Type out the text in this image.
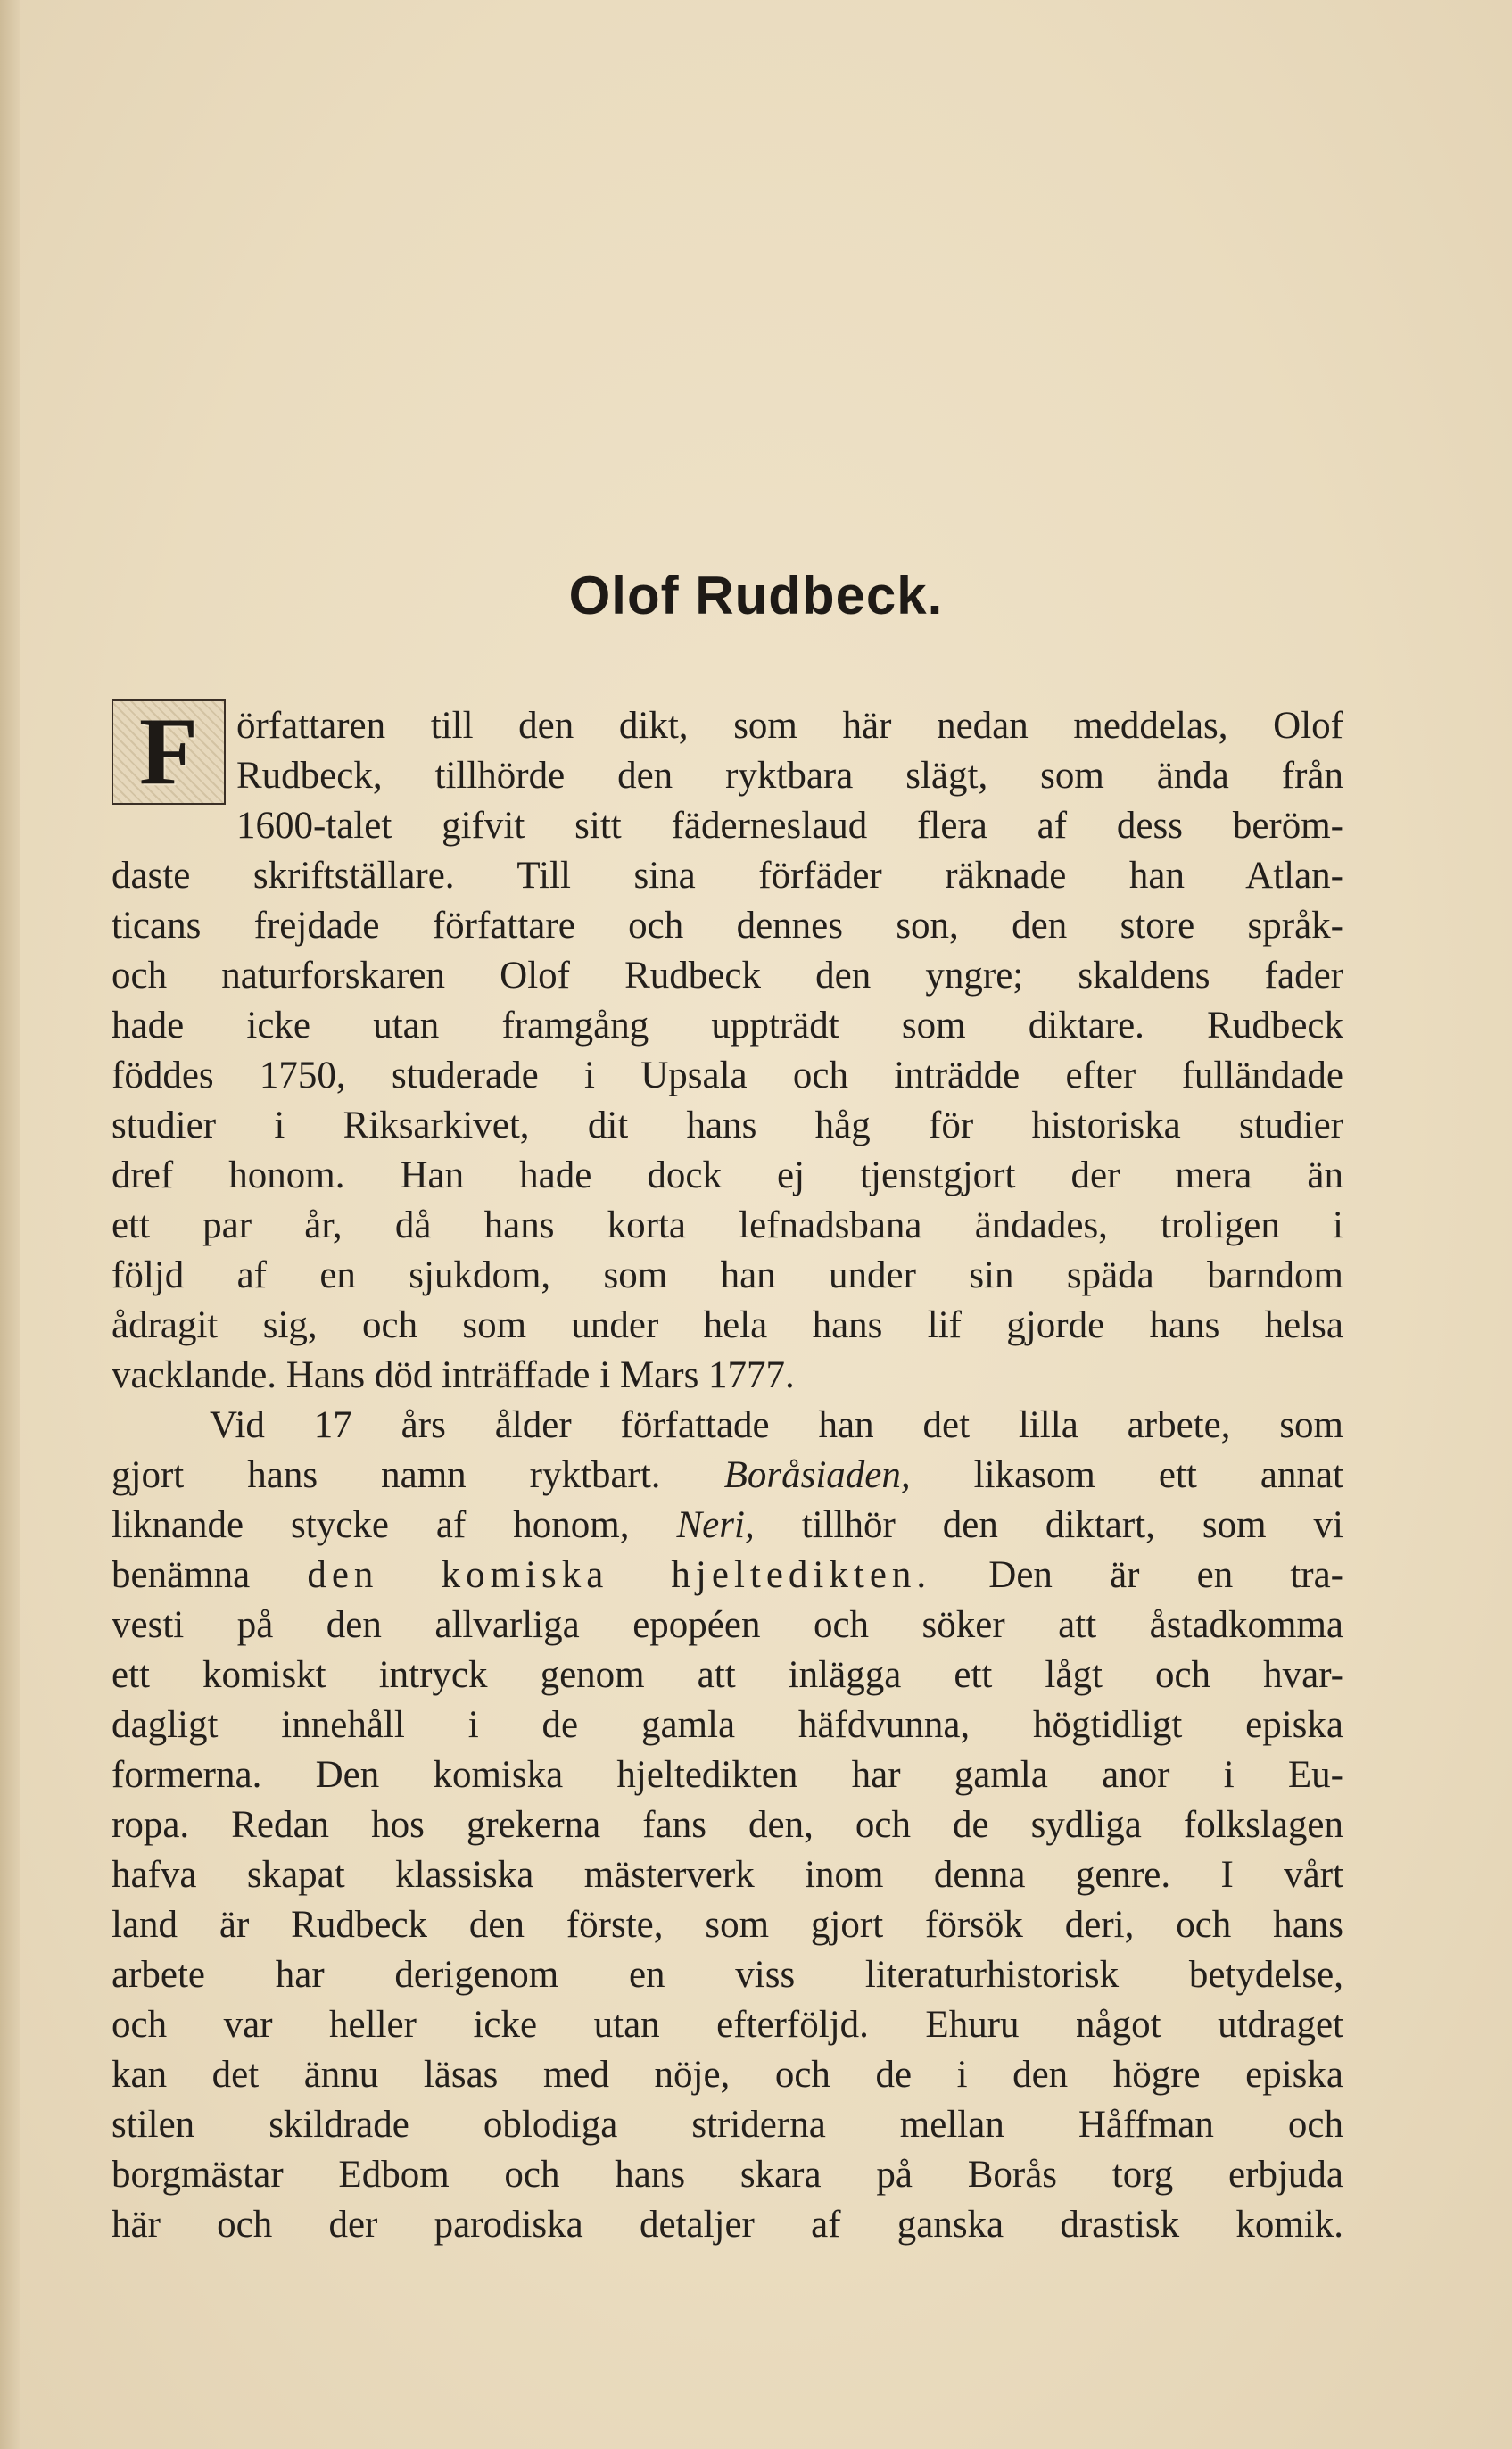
Olof Rudbeck.
F	örfattaren till den dikt, som här nedan meddelas, Olof
Rudbeck, tillhörde den ryktbara slägt, som ända från
1600-talet gifvit sitt fäderneslaud flera af dess beröm-
daste skriftställare. Till sina förfäder räknade han Atlan-
ticans frejdade författare och dennes son, den store språk-
och naturforskaren Olof Rudbeck den yngre; skaldens fader
hade icke utan framgång uppträdt som diktare. Rudbeck
föddes 1750, studerade i Upsala och inträdde efter fulländade
studier i Riksarkivet, dit hans håg för historiska studier
dref honom. Han hade dock ej tjenstgjort der mera än
ett par år, då hans korta lefnadsbana ändades, troligen i
följd af en sjukdom, som han under sin späda barndom
ådragit sig, och som under hela hans lif gjorde hans helsa
vacklande. Hans död inträffade i Mars 1777.
Vid 17 års ålder författade han det lilla arbete, som
gjort hans namn ryktbart. Boråsiaden, likasom ett annat
liknande stycke af honom, Neri, tillhör den diktart, som vi
benämna den komiska hjeltedikten. Den är en tra-
vesti på den allvarliga epopéen och söker att åstadkomma
ett komiskt intryck genom att inlägga ett lågt och hvar-
dagligt innehåll i de gamla häfdvunna, högtidligt episka
formerna. Den komiska hjeltedikten har gamla anor i Eu-
ropa. Redan hos grekerna fans den, och de sydliga folkslagen
hafva skapat klassiska mästerverk inom denna genre. I vårt
land är Rudbeck den förste, som gjort försök deri, och hans
arbete har derigenom en viss literaturhistorisk betydelse,
och var heller icke utan efterföljd. Ehuru något utdraget
kan det ännu läsas med nöje, och de i den högre episka
stilen skildrade oblodiga striderna mellan Håffman och
borgmästar Edbom och hans skara på Borås torg erbjuda
här och der parodiska detaljer af ganska drastisk komik.
